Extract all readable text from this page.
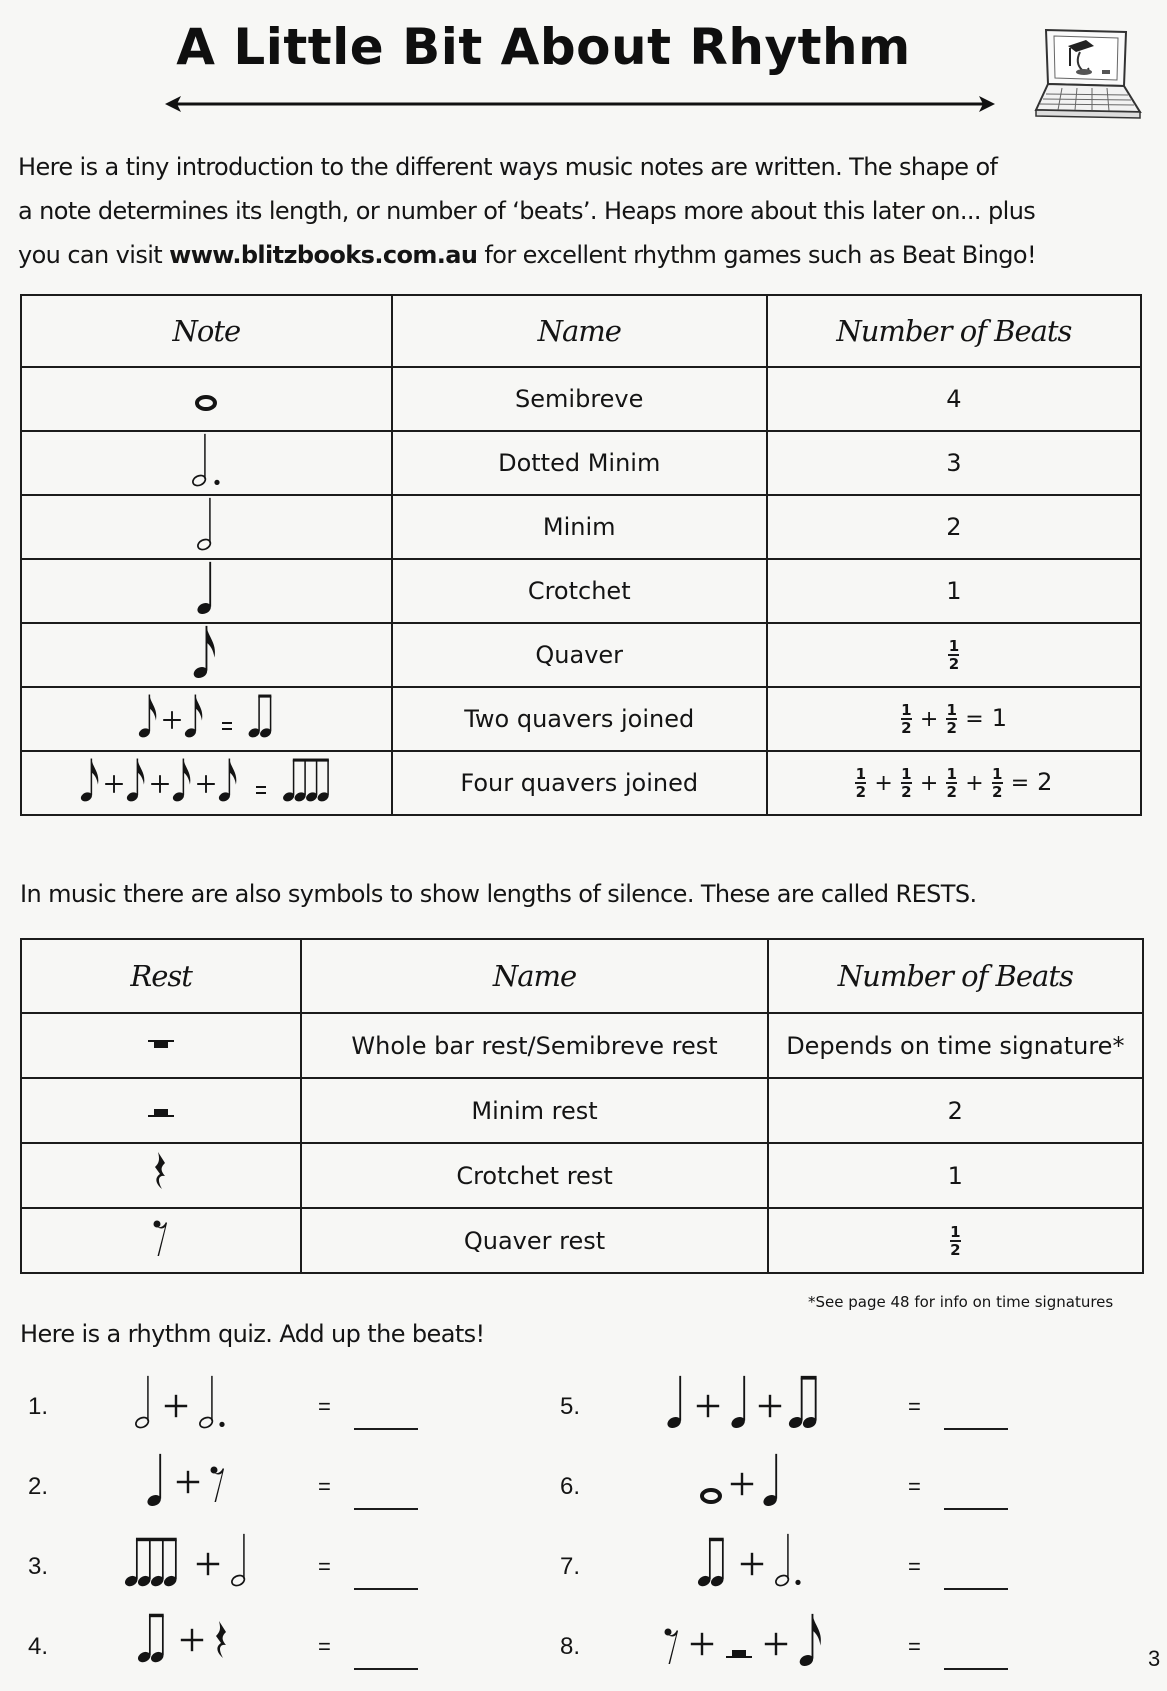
A Little Bit About Rhythm
Here is a tiny introduction to the different ways music notes are written. The shape of
a note determines its length, or number of ‘beats’. Heaps more about this later on... plus
you can visit www.blitzbooks.com.au for excellent rhythm games such as Beat Bingo!
Note	Name	Number of Beats

	Semibreve	4

	Dotted Minim	3

	Minim	2

	Crotchet	1

	Quaver	$\frac{1}{2}$

	Two quavers joined	$\frac{1}{2} + \frac{1}{2} = 1$

	Four quavers joined	$\frac{1}{2} + \frac{1}{2} + \frac{1}{2} + \frac{1}{2} = 2$
In music there are also symbols to show lengths of silence. These are called RESTS.
Rest	Name	Number of Beats

	Whole bar rest/Semibreve rest	Depends on time signature*

	Minim rest	2

	Crotchet rest	1

	Quaver rest	$\frac{1}{2}$
*See page 48 for info on time signatures
Here is a rhythm quiz. Add up the beats!
1.	=
2.	=
3.	=
4.	=
5.	=
6.	=
7.	=
8.	=	3
